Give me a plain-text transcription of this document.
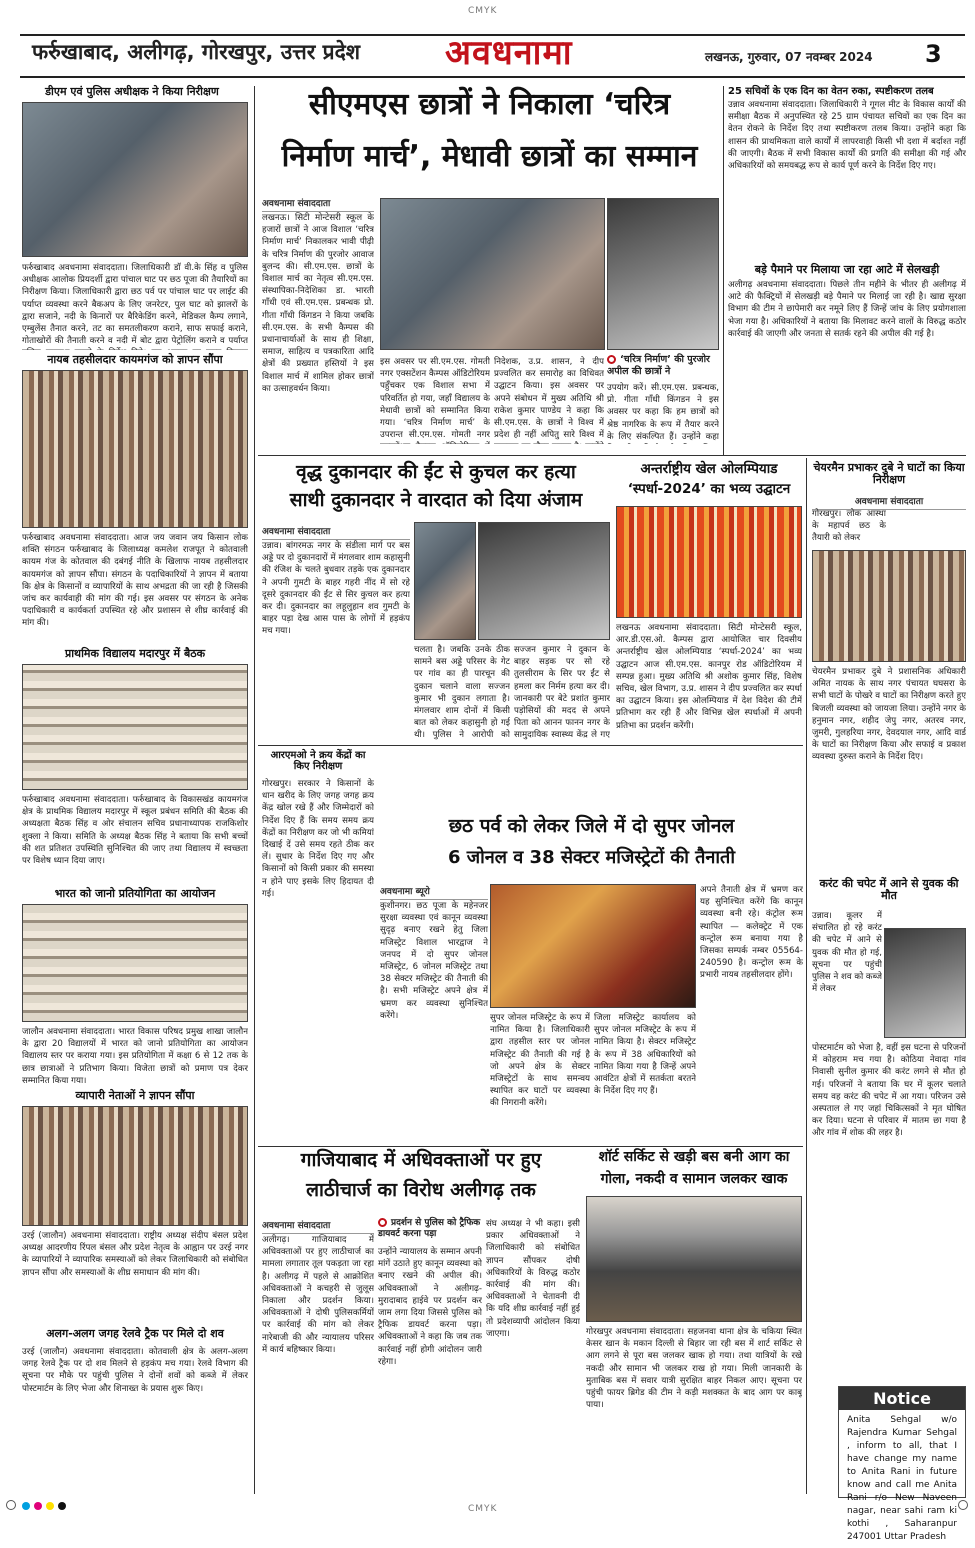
CMYK
फर्रुखाबाद, अलीगढ़, गोरखपुर, उत्तर प्रदेश अवधनामा	लखनऊ, गुरुवार, 07 नवम्बर 2024 3
डीएम एवं पुलिस अधीक्षक ने किया निरीक्षण
फर्रुखाबाद अवधनामा संवाददाता। जिलाधिकारी डॉ वी.के सिंह व पुलिस अधीक्षक आलोक प्रियदर्शी द्वारा पांचाल घाट पर छठ पूजा की तैयारियों का निरीक्षण किया। जिलाधिकारी द्वारा छठ पर्व पर पांचाल घाट पर लाईट की पर्याप्त व्यवस्था करने बैकअप के लिए जनरेटर, पुल घाट को झालरों के द्वारा सजाने, नदी के किनारों पर बैरिकेडिंग करने, मेडिकल कैम्प लगाने, एम्बुलेंस तैनात करने, तट का समतलीकरण कराने, साफ सफाई कराने, गोताखोरों की तैनाती करने व नदी में बोट द्वारा पेट्रोलिंग कराने व पर्याप्त
नायब तहसीलदार कायमगंज को ज्ञापन सौंपा
फर्रुखाबाद अवधनामा संवाददाता। आज जय जवान जय किसान लोक शक्ति संगठन फर्रुखाबाद के जिलाध्यक्ष कमलेश राजपूत ने कोतवाली कायम गंज के कोतवाल की दबंगई नीति के खिलाफ नायब तहसीलदार कायमगंज को ज्ञापन सौंपा। संगठन के पदाधिकारियों ने ज्ञापन में बताया कि क्षेत्र के किसानों व व्यापारियों के साथ अभद्रता की जा रही है जिसकी जांच कर कार्यवाही की मांग की गई। इस अवसर पर संगठन के अनेक पदाधिकारी व कार्यकर्ता उपस्थित रहे और प्रशासन से शीघ्र कार्रवाई की मांग की।
प्राथमिक विद्यालय मदारपुर में बैठक
फर्रुखाबाद अवधनामा संवाददाता। फर्रुखाबाद के विकासखंड कायमगंज क्षेत्र के प्राथमिक विद्यालय मदारपुर में स्कूल प्रबंधन समिति की बैठक की अध्यक्षता बैठक सिंह व ओर संचालन सचिव प्रधानाध्यापक राजकिशोर शुक्ला ने किया। समिति के अध्यक्ष बैठक सिंह ने बताया कि सभी बच्चों की शत प्रतिशत उपस्थिति सुनिश्चित की जाए तथा विद्यालय में स्वच्छता पर विशेष ध्यान दिया जाए।
भारत को जानो प्रतियोगिता का आयोजन
जालौन अवधनामा संवाददाता। भारत विकास परिषद प्रमुख शाखा जालौन के द्वारा 20 विद्यालयों में भारत को जानो प्रतियोगिता का आयोजन विद्यालय स्तर पर कराया गया। इस प्रतियोगिता में कक्षा 6 से 12 तक के छात्र छात्राओं ने प्रतिभाग किया। विजेता छात्रों को प्रमाण पत्र देकर सम्मानित किया गया।
व्यापारी नेताओं ने ज्ञापन सौंपा
उरई (जालौन) अवधनामा संवाददाता। राष्ट्रीय अध्यक्ष संदीप बंसल प्रदेश अध्यक्ष आदरणीय रिंपल बंसल और प्रदेश नेतृत्व के आह्वान पर उरई नगर के व्यापारियों ने व्यापारिक समस्याओं को लेकर जिलाधिकारी को संबोधित ज्ञापन सौंपा और समस्याओं के शीघ्र समाधान की मांग की।
अलग-अलग जगह रेलवे ट्रैक पर मिले दो शव
उरई (जालौन) अवधनामा संवाददाता। कोतवाली क्षेत्र के अलग-अलग जगह रेलवे ट्रैक पर दो शव मिलने से हड़कंप मच गया। रेलवे विभाग की सूचना पर मौके पर पहुंची पुलिस ने दोनों शवों को कब्जे में लेकर पोस्टमार्टम के लिए भेजा और शिनाख्त के प्रयास शुरू किए।
सीएमएस छात्रों ने निकाला ‘चरित्र
निर्माण मार्च’, मेधावी छात्रों का सम्मान
अवधनामा संवाददाता
लखनऊ। सिटी मोन्टेसरी स्कूल के हजारों छात्रों ने आज विशाल ‘चरित्र निर्माण मार्च’ निकालकर भावी पीढ़ी के चरित्र निर्माण की पुरजोर आवाज बुलन्द की। सी.एम.एस. छात्रों के विशाल मार्च का नेतृत्व सी.एम.एस. संस्थापिका-निदेशिका डा. भारती गाँधी एवं सी.एम.एस. प्रबन्धक प्रो. गीता गाँधी किंगडन ने किया जबकि सी.एम.एस. के सभी कैम्पस की प्रधानाचार्याओं के साथ ही शिक्षा, समाज, साहित्य व पत्रकारिता आदि क्षेत्रों की प्रख्यात हस्तियों ने इस विशाल मार्च में शामिल होकर छात्रों का उत्साहवर्धन किया।
इस अवसर पर सी.एम.एस. गोमती नगर एक्सटेंशन कैम्पस ऑडिटोरियम पहुँचकर एक विशाल सभा में परिवर्तित हो गया, जहाँ विद्यालय के मेधावी छात्रों को सम्मानित किया गया। ‘चरित्र निर्माण मार्च’ के उपरान्त सी.एम.एस. गोमती नगर
निदेशक, उ.प्र. शासन, ने दीप प्रज्वलित कर समारोह का विधिवत उद्घाटन किया। इस अवसर पर अपने संबोधन में मुख्य अतिथि श्री राकेश कुमार पाण्डेय ने कहा कि सी.एम.एस. के छात्रों ने विश्व में प्रदेश ही नहीं अपितु सारे विश्व में
‘चरित्र निर्माण’ की पुरजोर अपील की छात्रों ने
उपयोग करें। सी.एम.एस. प्रबन्धक, प्रो. गीता गाँधी किंगडन ने इस अवसर पर कहा कि हम छात्रों को श्रेष्ठ नागरिक के रूप में तैयार करने के लिए संकल्पित हैं। उन्होंने कहा
25 सचिवों के एक दिन का वेतन रुका, स्पष्टीकरण तलब
उन्नाव अवधनामा संवाददाता। जिलाधिकारी ने गूगल मीट के विकास कार्यों की समीक्षा बैठक में अनुपस्थित रहे 25 ग्राम पंचायत सचिवों का एक दिन का वेतन रोकने के निर्देश दिए तथा स्पष्टीकरण तलब किया। उन्होंने कहा कि शासन की प्राथमिकता वाले कार्यों में लापरवाही किसी भी दशा में बर्दाश्त नहीं की जाएगी। बैठक में सभी विकास कार्यों की प्रगति की समीक्षा की गई और अधिकारियों को समयबद्ध रूप से कार्य पूर्ण करने के निर्देश दिए गए।
बड़े पैमाने पर मिलाया जा रहा आटे में सेलखड़ी
अलीगढ़ अवधनामा संवाददाता। पिछले तीन महीने के भीतर ही अलीगढ़ में आटे की फैक्ट्रियों में सेलखड़ी बड़े पैमाने पर मिलाई जा रही है। खाद्य सुरक्षा विभाग की टीम ने छापेमारी कर नमूने लिए हैं जिन्हें जांच के लिए प्रयोगशाला भेजा गया है। अधिकारियों ने बताया कि मिलावट करने वालों के विरुद्ध कठोर कार्रवाई की जाएगी और जनता से सतर्क रहने की अपील की गई है।
वृद्ध दुकानदार की ईंट से कुचल कर हत्या
साथी दुकानदार ने वारदात को दिया अंजाम
अवधनामा संवाददाता
उन्नाव। बांगरमऊ नगर के संडीला मार्ग पर बस अड्डे पर दो दुकानदारों में मंगलवार शाम कहासुनी की रंजिश के चलते बुधवार तड़के एक दुकानदार ने अपनी गुमटी के बाहर गहरी नींद में सो रहे दूसरे दुकानदार की ईंट से सिर कुचल कर हत्या कर दी। दुकानदार का लहूलुहान शव गुमटी के बाहर पड़ा देख आस पास के लोगों में हड़कंप मच गया।
चलता है। जबकि उनके ठीक सामने बस अड्डे परिसर के गेट पर गांव का ही पारचून की दुकान चलाने वाला सज्जन कुमार भी दुकान लगाता है। मंगलवार शाम दोनों में किसी बात को लेकर कहासुनी हो गई थी। पुलिस ने आरोपी को
सज्जन कुमार ने दुकान के बाहर सड़क पर सो रहे तुलसीराम के सिर पर ईंट से हमला कर निर्मम हत्या कर दी। जानकारी पर बेटे प्रशांत कुमार पड़ोसियों की मदद से अपने पिता को आनन फानन नगर के सामुदायिक स्वास्थ्य केंद्र ले गए
अन्तर्राष्ट्रीय खेल ओलम्पियाड
‘स्पर्धा-2024’ का भव्य उद्घाटन
लखनऊ अवधनामा संवाददाता। सिटी मोन्टेसरी स्कूल, आर.डी.एस.ओ. कैम्पस द्वारा आयोजित चार दिवसीय अन्तर्राष्ट्रीय खेल ओलम्पियाड ‘स्पर्धा-2024’ का भव्य उद्घाटन आज सी.एम.एस. कानपुर रोड ऑडिटोरियम में सम्पन्न हुआ। मुख्य अतिथि श्री अशोक कुमार सिंह, विशेष सचिव, खेल विभाग, उ.प्र. शासन ने दीप प्रज्वलित कर स्पर्धा का उद्घाटन किया। इस ओलम्पियाड में देश विदेश की टीमें प्रतिभाग कर रही हैं और विभिन्न खेल स्पर्धाओं में अपनी प्रतिभा का प्रदर्शन करेंगी।
चेयरमैन प्रभाकर दुबे ने घाटों का किया निरीक्षण
अवधनामा संवाददाता
गोरखपुर। लोक आस्था के महापर्व छठ के तैयारी को लेकर
चेयरमैन प्रभाकर दुबे ने प्रशासनिक अधिकारी अमित नायक के साथ नगर पंचायत घघसरा के सभी घाटों के पोखरे व घाटों का निरीक्षण करते हुए बिजली व्यवस्था को जायजा लिया। उन्होंने नगर के हनुमान नगर, शहीद जेपु नगर, अतरव नगर, जुमरी, गुलहरिया नगर, देवदयाल नगर, आदि वार्ड के घाटों का निरीक्षण किया और सफाई व प्रकाश व्यवस्था दुरुस्त कराने के निर्देश दिए।
करंट की चपेट में आने से युवक की मौत
उन्नाव। कूलर में संचालित हो रहे करंट की चपेट में आने से युवक की मौत हो गई, सूचना पर पहुंची पुलिस ने शव को कब्जे में लेकर
पोस्टमार्टम को भेजा है, वहीं इस घटना से परिजनों में कोहराम मच गया है। कोठिया नेवादा गांव निवासी सुनील कुमार की करंट लगने से मौत हो गई। परिजनों ने बताया कि घर में कूलर चलाते समय वह करंट की चपेट में आ गया। परिजन उसे अस्पताल ले गए जहां चिकित्सकों ने मृत घोषित कर दिया। घटना से परिवार में मातम छा गया है और गांव में शोक की लहर है।
Notice
Anita Sehgal w/o Rajendra Kumar Sehgal , inform to all, that I have change my name to Anita Rani in future know and call me Anita Rani r/o New Naveen nagar, near sahi ram ki kothi , Saharanpur 247001 Uttar Pradesh
आरएमओ ने क्रय केंद्रों का किए निरीक्षण
गोरखपुर। सरकार ने किसानों के धान खरीद के लिए जगह जगह क्रय केंद्र खोल रखे हैं और जिम्मेदारों को निर्देश दिए हैं कि समय समय क्रय केंद्रों का निरीक्षण कर जो भी कमियां दिखाई दें उसे समय रहते ठीक कर लें। सुधार के निर्देश दिए गए और किसानों को किसी प्रकार की समस्या न होने पाए इसके लिए हिदायत दी गई।
छठ पर्व को लेकर जिले में दो सुपर जोनल
6 जोनल व 38 सेक्टर मजिस्ट्रेटों की तैनाती
अवधनामा ब्यूरो
कुशीनगर। छठ पूजा के महेनजर सुरक्षा व्यवस्था एवं कानून व्यवस्था सुदृढ़ बनाए रखने हेतु जिला मजिस्ट्रेट विशाल भारद्वाज ने जनपद में दो सुपर जोनल मजिस्ट्रेट, 6 जोनल मजिस्ट्रेट तथा 38 सेक्टर मजिस्ट्रेट की तैनाती की है। सभी मजिस्ट्रेट अपने क्षेत्र में भ्रमण कर व्यवस्था सुनिश्चित करेंगे।	सुपर जोनल मजिस्ट्रेट के रूप में नामित किया है। जिलाधिकारी द्वारा तहसील स्तर पर जोनल मजिस्ट्रेट की तैनाती की गई है जो अपने क्षेत्र के सेक्टर मजिस्ट्रेटों के साथ समन्वय स्थापित कर घाटों पर व्यवस्था की निगरानी करेंगे।
जिला मजिस्ट्रेट कार्यालय को सुपर जोनल मजिस्ट्रेट के रूप में नामित किया है। सेक्टर मजिस्ट्रेट के रूप में 38 अधिकारियों को नामित किया गया है जिन्हें अपने आवंटित क्षेत्रों में सतर्कता बरतने के निर्देश दिए गए हैं।
अपने तैनाती क्षेत्र में भ्रमण कर यह सुनिश्चित करेंगे कि कानून व्यवस्था बनी रहे। कंट्रोल रूम स्थापित — कलेक्ट्रेट में एक कन्ट्रोल रूम बनाया गया है जिसका सम्पर्क नम्बर 05564-240590 है। कन्ट्रोल रूम के प्रभारी नायब तहसीलदार होंगे।
गाजियाबाद में अधिवक्ताओं पर हुए
लाठीचार्ज का विरोध अलीगढ़ तक
अवधनामा संवाददाता
अलीगढ़। गाजियाबाद में अधिवक्ताओं पर हुए लाठीचार्ज का मामला लगातार तूल पकड़ता जा रहा है। अलीगढ़ में पहले से आक्रोशित अधिवक्ताओं ने कचहरी से जुलूस निकाला और प्रदर्शन किया। अधिवक्ताओं ने दोषी पुलिसकर्मियों पर कार्रवाई की मांग को लेकर नारेबाजी की और न्यायालय परिसर में कार्य बहिष्कार किया।
प्रदर्शन से पुलिस को ट्रैफिक डायवर्ट करना पड़ा
उन्होंने न्यायालय के सम्मान अपनी मांगें उठाते हुए कानून व्यवस्था को बनाए रखने की अपील की। अधिवक्ताओं ने अलीगढ़-मुरादाबाद हाईवे पर प्रदर्शन कर जाम लगा दिया जिससे पुलिस को ट्रैफिक डायवर्ट करना पड़ा। अधिवक्ताओं ने कहा कि जब तक कार्रवाई नहीं होगी आंदोलन जारी रहेगा।
संघ अध्यक्ष ने भी कहा। इसी प्रकार अधिवक्ताओं ने जिलाधिकारी को संबोधित ज्ञापन सौंपकर दोषी अधिकारियों के विरुद्ध कठोर कार्रवाई की मांग की। अधिवक्ताओं ने चेतावनी दी कि यदि शीघ्र कार्रवाई नहीं हुई तो प्रदेशव्यापी आंदोलन किया जाएगा।
शॉर्ट सर्किट से खड़ी बस बनी आग का
गोला, नकदी व सामान जलकर खाक
गोरखपुर अवधनामा संवाददाता। सहजनवा थाना क्षेत्र के चकिया स्थित केसर खान के मकान दिल्ली से बिहार जा रही बस में शार्ट सर्किट से आग लगने से पूरा बस जलकर खाक हो गया। तथा यात्रियों के रखे नकदी और सामान भी जलकर राख हो गया। मिली जानकारी के मुताबिक बस में सवार यात्री सुरक्षित बाहर निकल आए। सूचना पर पहुंची फायर ब्रिगेड की टीम ने कड़ी मशक्कत के बाद आग पर काबू पाया।
CMYK
